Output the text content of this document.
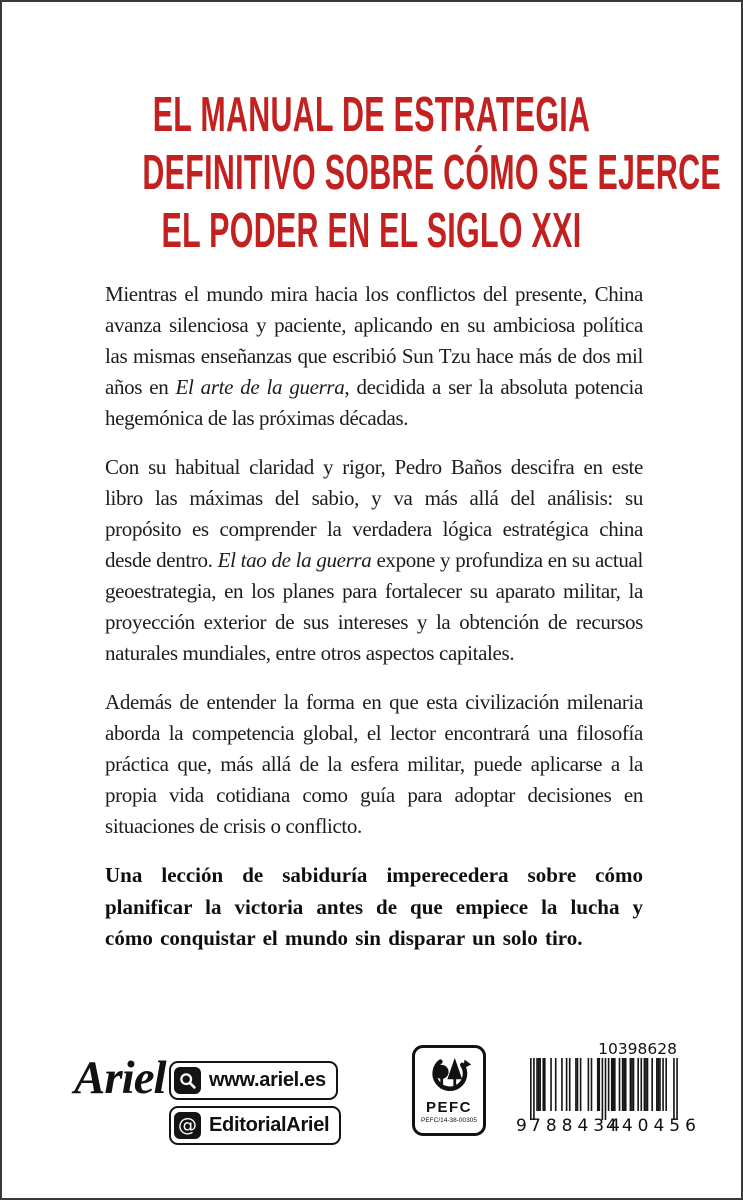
EL MANUAL DE ESTRATEGIA
DEFINITIVO SOBRE CÓMO SE EJERCE
EL PODER EN EL SIGLO XXI

Mientras el mundo mira hacia los conflictos del presente, China avanza silenciosa y paciente, aplicando en su ambiciosa política las mismas enseñanzas que escribió Sun Tzu hace más de dos mil años en El arte de la guerra, decidida a ser la absoluta potencia hegemónica de las próximas décadas.

Con su habitual claridad y rigor, Pedro Baños descifra en este libro las máximas del sabio, y va más allá del análisis: su propósito es comprender la verdadera lógica estratégica china desde dentro. El tao de la guerra expone y profundiza en su actual geoestrategia, en los planes para fortalecer su aparato militar, la proyección exterior de sus intereses y la obtención de recursos naturales mundiales, entre otros aspectos capitales.

Además de entender la forma en que esta civilización milenaria aborda la competencia global, el lector encontrará una filosofía práctica que, más allá de la esfera militar, puede aplicarse a la propia vida cotidiana como guía para adoptar decisiones en situaciones de crisis o conflicto.

Una lección de sabiduría imperecedera sobre cómo planificar la victoria antes de que empiece la lucha y cómo conquistar el mundo sin disparar un solo tiro.

Ariel www.ariel.es
@ EditorialAriel
PEFC
PEFC/14-38-00305
10398628
9 788434
440456
